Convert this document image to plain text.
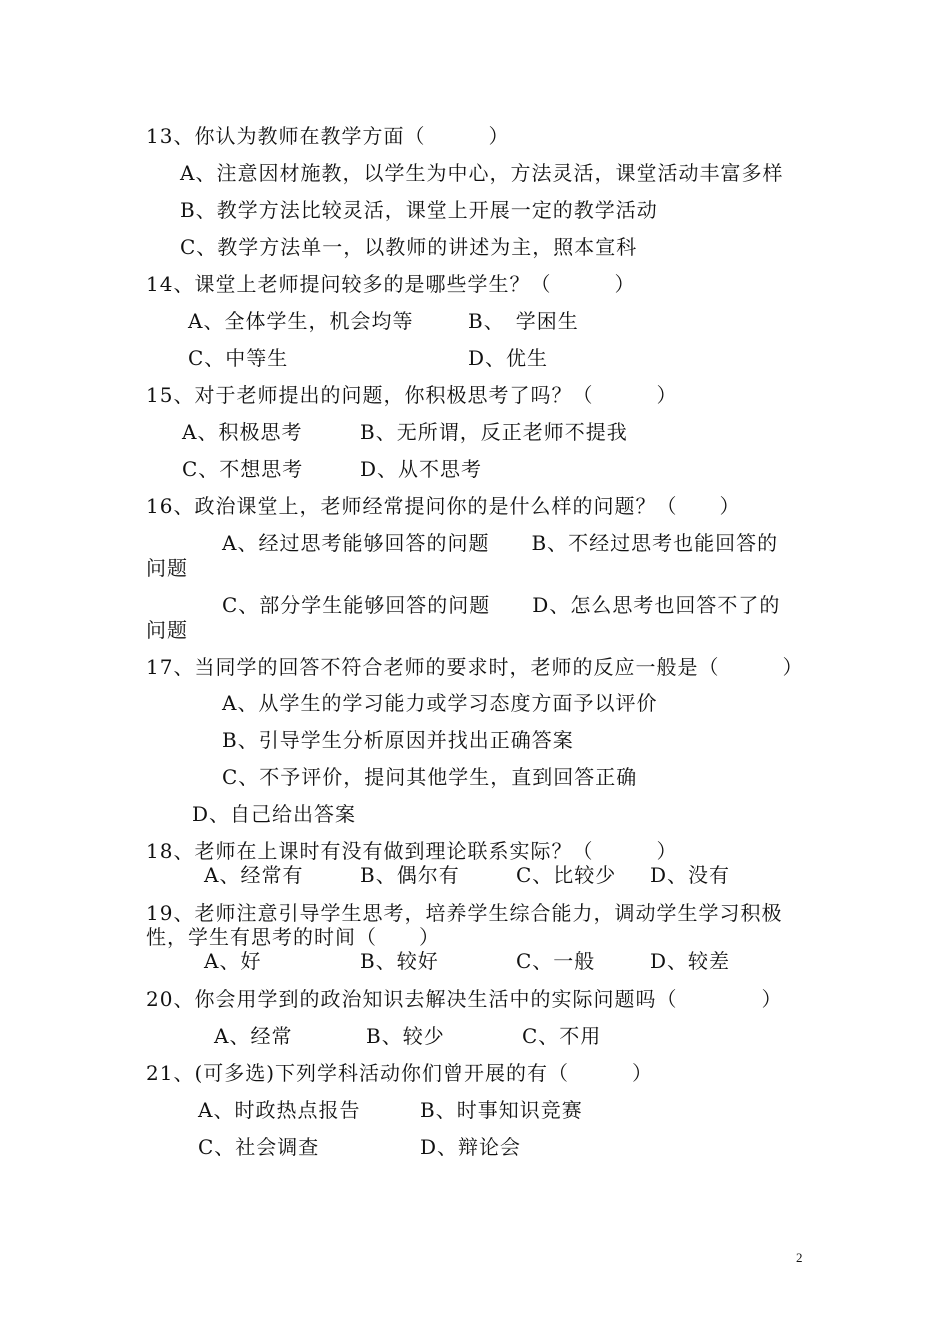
13、你认为教师在教学方面（　　　）
A、注意因材施教，以学生为中心，方法灵活，课堂活动丰富多样
B、教学方法比较灵活，课堂上开展一定的教学活动
C、教学方法单一，以教师的讲述为主，照本宣科
14、课堂上老师提问较多的是哪些学生？（　　　）
A、全体学生，机会均等	B、　学困生
C、中等生	D、优生
15、对于老师提出的问题，你积极思考了吗？（　　　）
A、积极思考	B、无所谓，反正老师不提我
C、不想思考	D、从不思考
16、政治课堂上，老师经常提问你的是什么样的问题？（　　）
A、经过思考能够回答的问题　　B、不经过思考也能回答的
问题
C、部分学生能够回答的问题　　D、怎么思考也回答不了的
问题
17、当同学的回答不符合老师的要求时，老师的反应一般是（　　　）
A、从学生的学习能力或学习态度方面予以评价
B、引导学生分析原因并找出正确答案
C、不予评价，提问其他学生，直到回答正确
D、自己给出答案
18、老师在上课时有没有做到理论联系实际？（　　　）
A、经常有	B、偶尔有	C、比较少 D、没有
19、老师注意引导学生思考，培养学生综合能力，调动学生学习积极
性，学生有思考的时间（　　）
A、好	B、较好	C、一般	D、较差
20、你会用学到的政治知识去解决生活中的实际问题吗（　　　　）
A、经常	B、较少	C、不用
21、(可多选)下列学科活动你们曾开展的有（　　　）
A、时政热点报告	B、时事知识竞赛
C、社会调查	D、辩论会
2
